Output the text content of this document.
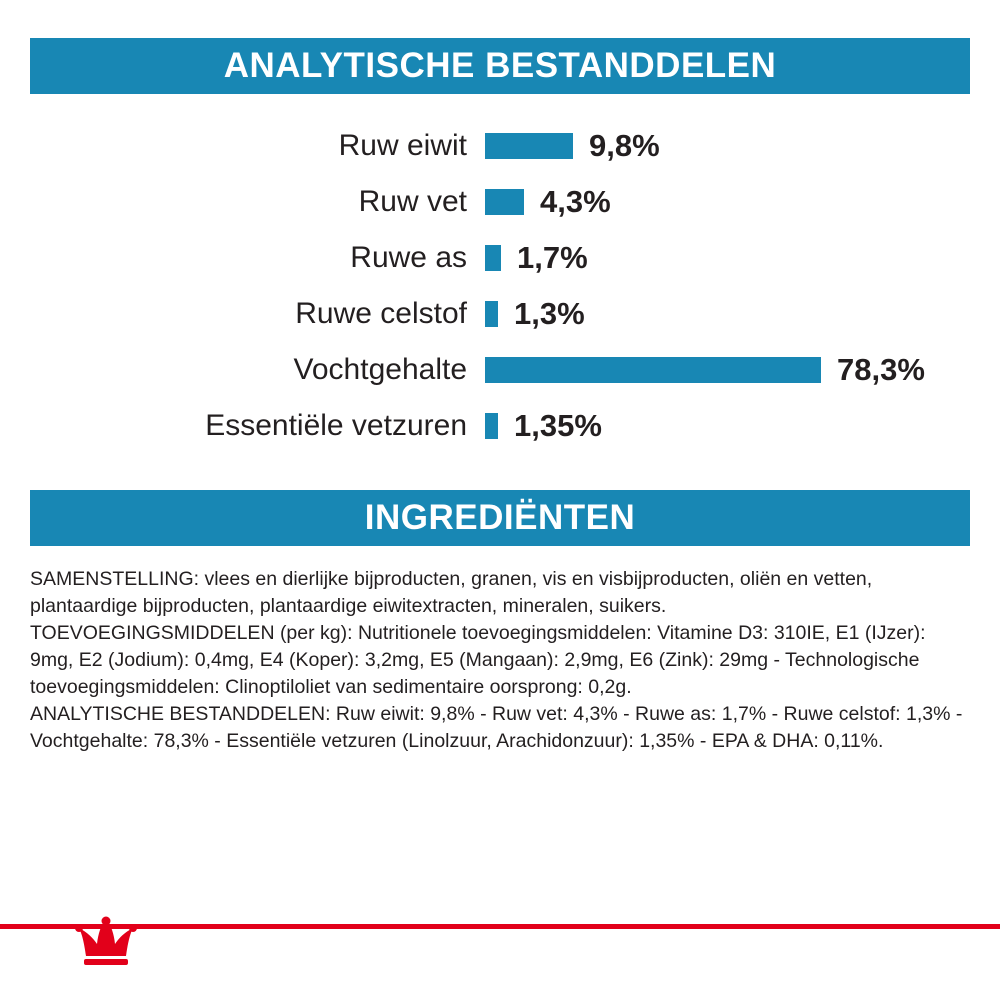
ANALYTISCHE BESTANDDELEN
Ruw eiwit	9,8%
Ruw vet	4,3%
Ruwe as	1,7%
Ruwe celstof	1,3%
Vochtgehalte	78,3%
Essentiële vetzuren	1,35%
INGREDIËNTEN

SAMENSTELLING: vlees en dierlijke bijproducten, granen, vis en visbijproducten, oliën en vetten, plantaardige bijproducten, plantaardige eiwitextracten, mineralen, suikers.

TOEVOEGINGSMIDDELEN (per kg): Nutritionele toevoegingsmiddelen: Vitamine D3: 310IE, E1 (IJzer): 9mg, E2 (Jodium): 0,4mg, E4 (Koper): 3,2mg, E5 (Mangaan): 2,9mg, E6 (Zink): 29mg - Technologische toevoegingsmiddelen: Clinoptiloliet van sedimentaire oorsprong: 0,2g.

ANALYTISCHE BESTANDDELEN: Ruw eiwit: 9,8% - Ruw vet: 4,3% - Ruwe as: 1,7% - Ruwe celstof: 1,3% - Vochtgehalte: 78,3% - Essentiële vetzuren (Linolzuur, Arachidonzuur): 1,35% - EPA & DHA: 0,11%.
